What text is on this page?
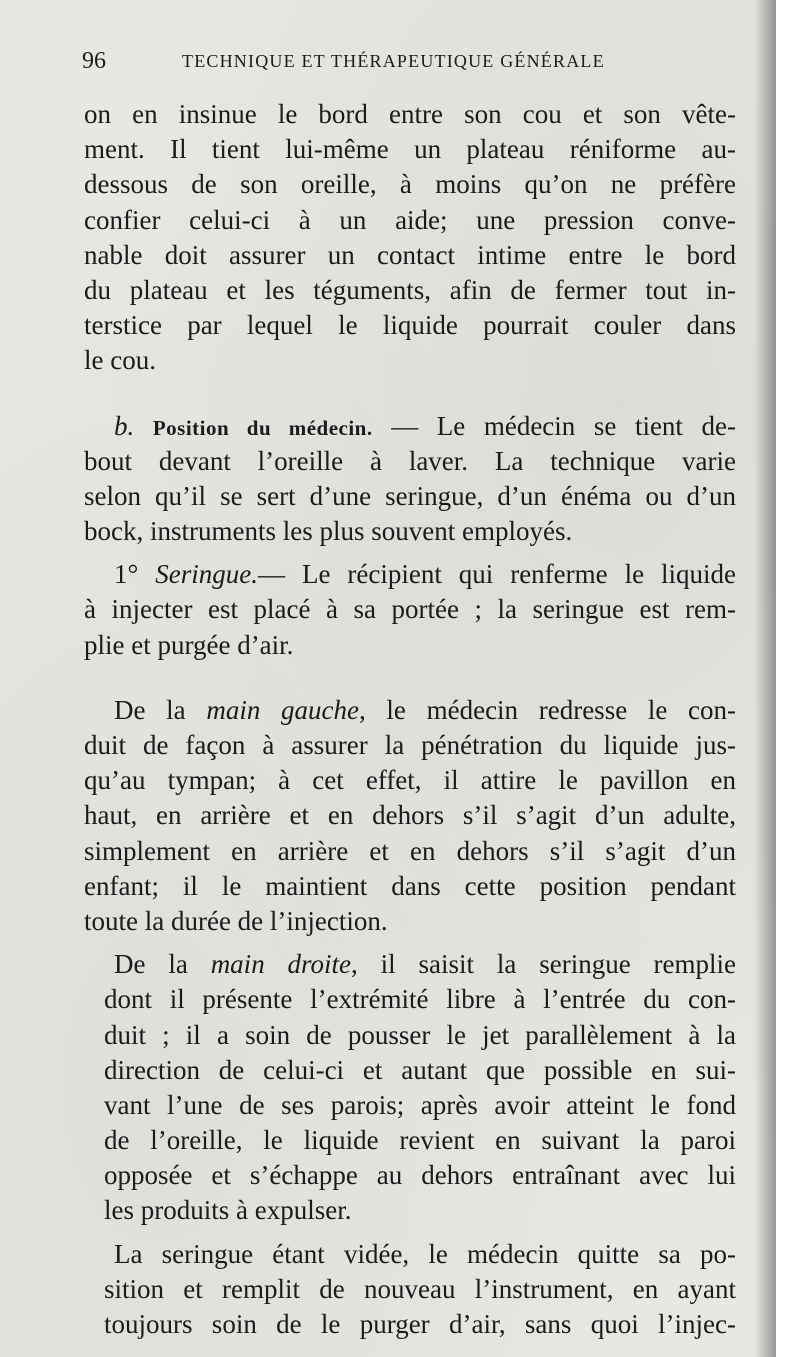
96	TECHNIQUE ET THÉRAPEUTIQUE GÉNÉRALE
on en insinue le bord entre son cou et son vête-
ment. Il tient lui-même un plateau réniforme au-
dessous de son oreille, à moins qu’on ne préfère
confier celui-ci à un aide; une pression conve-
nable doit assurer un contact intime entre le bord
du plateau et les téguments, afin de fermer tout in-
terstice par lequel le liquide pourrait couler dans
le cou.
b. Position du médecin. — Le médecin se tient de-
bout devant l’oreille à laver. La technique varie
selon qu’il se sert d’une seringue, d’un énéma ou d’un
bock, instruments les plus souvent employés.
1° Seringue.— Le récipient qui renferme le liquide
à injecter est placé à sa portée ; la seringue est rem-
plie et purgée d’air.
De la main gauche, le médecin redresse le con-
duit de façon à assurer la pénétration du liquide jus-
qu’au tympan; à cet effet, il attire le pavillon en
haut, en arrière et en dehors s’il s’agit d’un adulte,
simplement en arrière et en dehors s’il s’agit d’un
enfant; il le maintient dans cette position pendant
toute la durée de l’injection.
De la main droite, il saisit la seringue remplie
dont il présente l’extrémité libre à l’entrée du con-
duit ; il a soin de pousser le jet parallèlement à la
direction de celui-ci et autant que possible en sui-
vant l’une de ses parois; après avoir atteint le fond
de l’oreille, le liquide revient en suivant la paroi
opposée et s’échappe au dehors entraînant avec lui
les produits à expulser.
La seringue étant vidée, le médecin quitte sa po-
sition et remplit de nouveau l’instrument, en ayant
toujours soin de le purger d’air, sans quoi l’injec-
